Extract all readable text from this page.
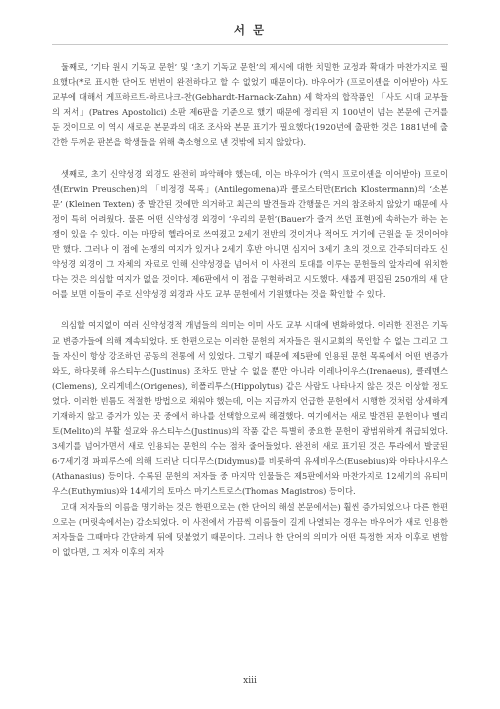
서 문

둘째로, ‘기타 원시 기독교 문헌’ 및 ‘초기 기독교 문헌’의 제시에 대한 치밀한 교정과 확대가 마찬가지로 필요했다(*로 표시한 단어도 번번이 완전하다고 할 수 없었기 때문이다). 바우어가 (프로이셴을 이어받아) 사도 교부에 대해서 게프하르트-하르나크-찬(Gebhardt-Harnack-Zahn) 세 학자의 합작품인 「사도 시대 교부들의 저서」(Patres Apostolici) 소판 제6판을 기준으로 했기 때문에 정리된 지 100년이 넘는 본문에 근거를 둔 것이므로 이 역시 새로운 본문과의 대조 조사와 본문 표기가 필요했다(1920년에 출판한 것은 1881년에 출간한 두꺼운 판본을 학생들을 위해 축소형으로 낸 것밖에 되지 않았다).

셋째로, 초기 신약성경 외경도 완전히 파악해야 했는데, 이는 바우어가 (역시 프로이셴을 이어받아) 프로이셴(Erwin Preuschen)의 「비정경 목록」(Antilegomena)과 클로스터만(Erich Klostermann)의 ‘소본문’ (Kleinen Texten) 중 발간된 것에만 의거하고 최근의 발견들과 간행물은 거의 참조하지 않았기 때문에 사정이 특히 어려웠다. 물론 어떤 신약성경 외경이 ‘우리의 문헌’(Bauer가 즐겨 쓰던 표현)에 속하는가 하는 논쟁이 있을 수 있다. 이는 마땅히 헬라어로 쓰여졌고 2세기 전반의 것이거나 적어도 거기에 근원을 둔 것이어야만 했다. 그러나 이 점에 논쟁의 여지가 있거나 2세기 후반 아니면 심지어 3세기 초의 것으로 간주되더라도 신약성경 외경이 그 자체의 자료로 인해 신약성경을 넘어서 이 사전의 토대를 이루는 문헌들의 앞자리에 위치한다는 것은 의심할 여지가 없을 것이다. 제6판에서 이 점을 구현하려고 시도했다. 새롭게 편집된 250개의 새 단어를 보면 이들이 주로 신약성경 외경과 사도 교부 문헌에서 기원했다는 것을 확인할 수 있다.

의심할 여지없이 여러 신약성경적 개념들의 의미는 이미 사도 교부 시대에 변화하였다. 이러한 진전은 기독교 변증가들에 의해 계속되었다. 또 한편으로는 이러한 문헌의 저자들은 원시교회의 묵인할 수 없는 그리고 그들 자신이 항상 강조하던 공동의 전통에 서 있었다. 그렇기 때문에 제5판에 인용된 문헌 목록에서 어떤 변증가와도, 하다못해 유스티누스(Justinus) 조차도 만날 수 없을 뿐만 아니라 이레나이우스(Irenaeus), 클레멘스(Clemens), 오리게네스(Origenes), 히폴리투스(Hippolytus) 같은 사람도 나타나지 않은 것은 이상할 정도였다. 이러한 빈틈도 적절한 방법으로 채워야 했는데, 이는 지금까지 언급한 문헌에서 시행한 것처럼 상세하게 기재하지 않고 증거가 있는 곳 중에서 하나를 선택함으로써 해결했다. 여기에서는 새로 발견된 문헌이나 멜리토(Melito)의 부활 설교와 유스티누스(Justinus)의 작품 같은 특별히 중요한 문헌이 광범위하게 취급되었다. 3세기를 넘어가면서 새로 인용되는 문헌의 수는 점차 줄어들었다. 완전히 새로 표기된 것은 투라에서 발굴된 6·7세기경 파피루스에 의해 드러난 디디무스(Didymus)를 비롯하여 유세비우스(Eusebius)와 아타나시우스(Athanasius) 등이다. 수록된 문헌의 저자들 중 마지막 인물들은 제5판에서와 마찬가지로 12세기의 유티미우스(Euthymius)와 14세기의 토마스 마기스트로스(Thomas Magistros) 등이다.

고대 저자들의 이름을 명기하는 것은 한편으로는 (한 단어의 해설 본문에서는) 훨씬 증가되었으나 다른 한편으로는 (머릿속에서는) 감소되었다. 이 사전에서 가끔씩 이름들이 길게 나열되는 경우는 바우어가 새로 인용한 저자들을 그때마다 간단하게 뒤에 덧붙였기 때문이다. 그러나 한 단어의 의미가 어떤 특정한 저자 이후로 변함이 없다면, 그 저자 이후의 저자

xiii
